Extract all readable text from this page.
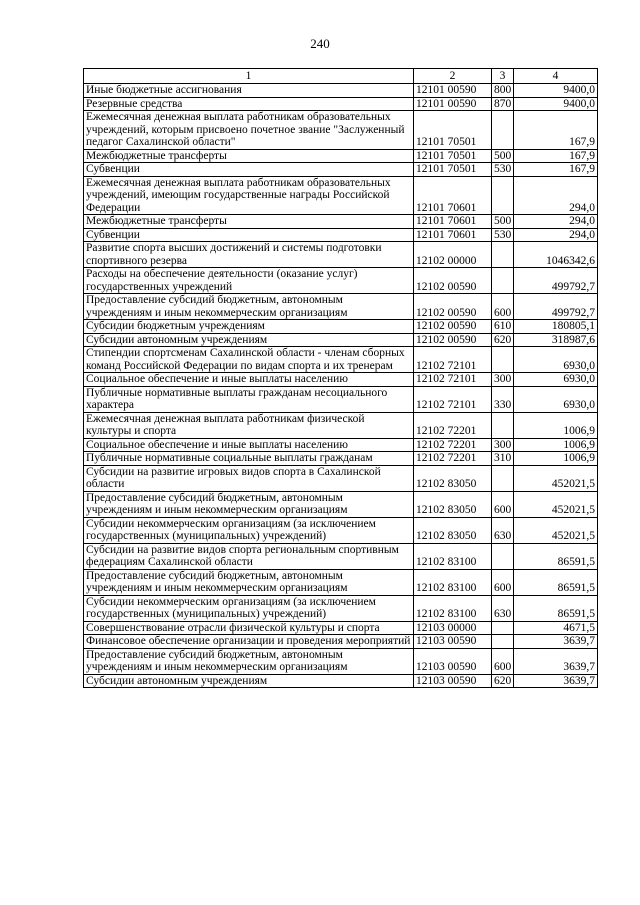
240
1	2	3	4
Иные бюджетные ассигнования	12101 00590	800	9400,0
Резервные средства	12101 00590	870	9400,0
Ежемесячная денежная выплата работникам образовательных учреждений, которым присвоено почетное звание "Заслуженный педагог Сахалинской области"	12101 70501		167,9
Межбюджетные трансферты	12101 70501	500	167,9
Субвенции	12101 70501	530	167,9
Ежемесячная денежная выплата работникам образовательных учреждений, имеющим государственные награды Российской Федерации	12101 70601		294,0
Межбюджетные трансферты	12101 70601	500	294,0
Субвенции	12101 70601	530	294,0
Развитие спорта высших достижений и системы подготовки спортивного резерва	12102 00000		1046342,6
Расходы на обеспечение деятельности (оказание услуг) государственных учреждений	12102 00590		499792,7
Предоставление субсидий бюджетным, автономным учреждениям и иным некоммерческим организациям	12102 00590	600	499792,7
Субсидии бюджетным учреждениям	12102 00590	610	180805,1
Субсидии автономным учреждениям	12102 00590	620	318987,6
Стипендии спортсменам Сахалинской области - членам сборных команд Российской Федерации по видам спорта и их тренерам	12102 72101		6930,0
Социальное обеспечение и иные выплаты населению	12102 72101	300	6930,0
Публичные нормативные выплаты гражданам несоциального характера	12102 72101	330	6930,0
Ежемесячная денежная выплата работникам физической культуры и спорта	12102 72201		1006,9
Социальное обеспечение и иные выплаты населению	12102 72201	300	1006,9
Публичные нормативные социальные выплаты гражданам	12102 72201	310	1006,9
Субсидии на развитие игровых видов спорта в Сахалинской области	12102 83050		452021,5
Предоставление субсидий бюджетным, автономным учреждениям и иным некоммерческим организациям	12102 83050	600	452021,5
Субсидии некоммерческим организациям (за исключением государственных (муниципальных) учреждений)	12102 83050	630	452021,5
Субсидии на развитие видов спорта региональным спортивным федерациям Сахалинской области	12102 83100		86591,5
Предоставление субсидий бюджетным, автономным учреждениям и иным некоммерческим организациям	12102 83100	600	86591,5
Субсидии некоммерческим организациям (за исключением государственных (муниципальных) учреждений)	12102 83100	630	86591,5
Совершенствование отрасли физической культуры и спорта	12103 00000		4671,5
Финансовое обеспечение организации и проведения мероприятий	12103 00590		3639,7
Предоставление субсидий бюджетным, автономным учреждениям и иным некоммерческим организациям	12103 00590	600	3639,7
Субсидии автономным учреждениям	12103 00590	620	3639,7
